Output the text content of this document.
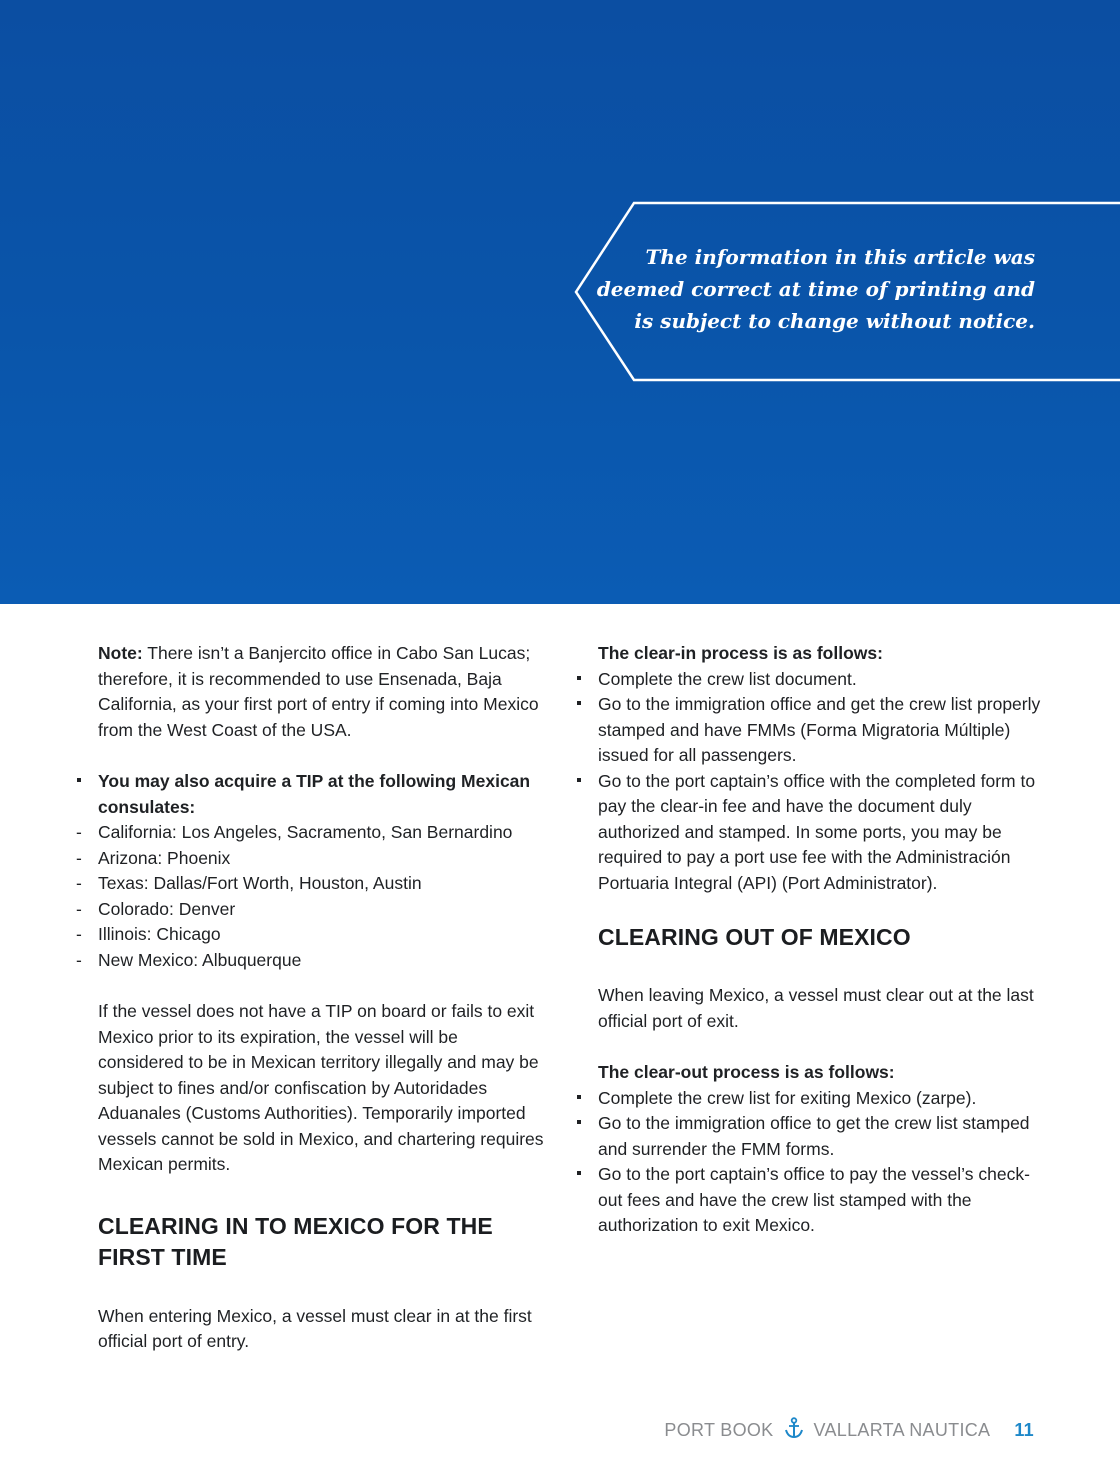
The information in this article was
deemed correct at time of printing and
is subject to change without notice.

Note: There isn’t a Banjercito office in Cabo San Lucas; therefore, it is recommended to use Ensenada, Baja California, as your first port of entry if coming into Mexico from the West Coast of the USA.

You may also acquire a TIP at the following Mexican consulates:
- California: Los Angeles, Sacramento, San Bernardino
- Arizona: Phoenix
- Texas: Dallas/Fort Worth, Houston, Austin
- Colorado: Denver
- Illinois: Chicago
- New Mexico: Albuquerque

If the vessel does not have a TIP on board or fails to exit Mexico prior to its expiration, the vessel will be considered to be in Mexican territory illegally and may be subject to fines and/or confiscation by Autoridades Aduanales (Customs Authorities). Temporarily imported vessels cannot be sold in Mexico, and chartering requires Mexican permits.

CLEARING IN TO MEXICO FOR THE FIRST TIME

When entering Mexico, a vessel must clear in at the first official port of entry.

The clear-in process is as follows:

Complete the crew list document.
Go to the immigration office and get the crew list properly stamped and have FMMs (Forma Migratoria Múltiple) issued for all passengers.
Go to the port captain’s office with the completed form to pay the clear-in fee and have the document duly authorized and stamped. In some ports, you may be required to pay a port use fee with the Administración Portuaria Integral (API) (Port Administrator).
CLEARING OUT OF MEXICO

When leaving Mexico, a vessel must clear out at the last official port of exit.

The clear-out process is as follows:

Complete the crew list for exiting Mexico (zarpe).
Go to the immigration office to get the crew list stamped and surrender the FMM forms.
Go to the port captain’s office to pay the vessel’s check-out fees and have the crew list stamped with the authorization to exit Mexico.
PORT BOOK VALLARTA NAUTICA 11
